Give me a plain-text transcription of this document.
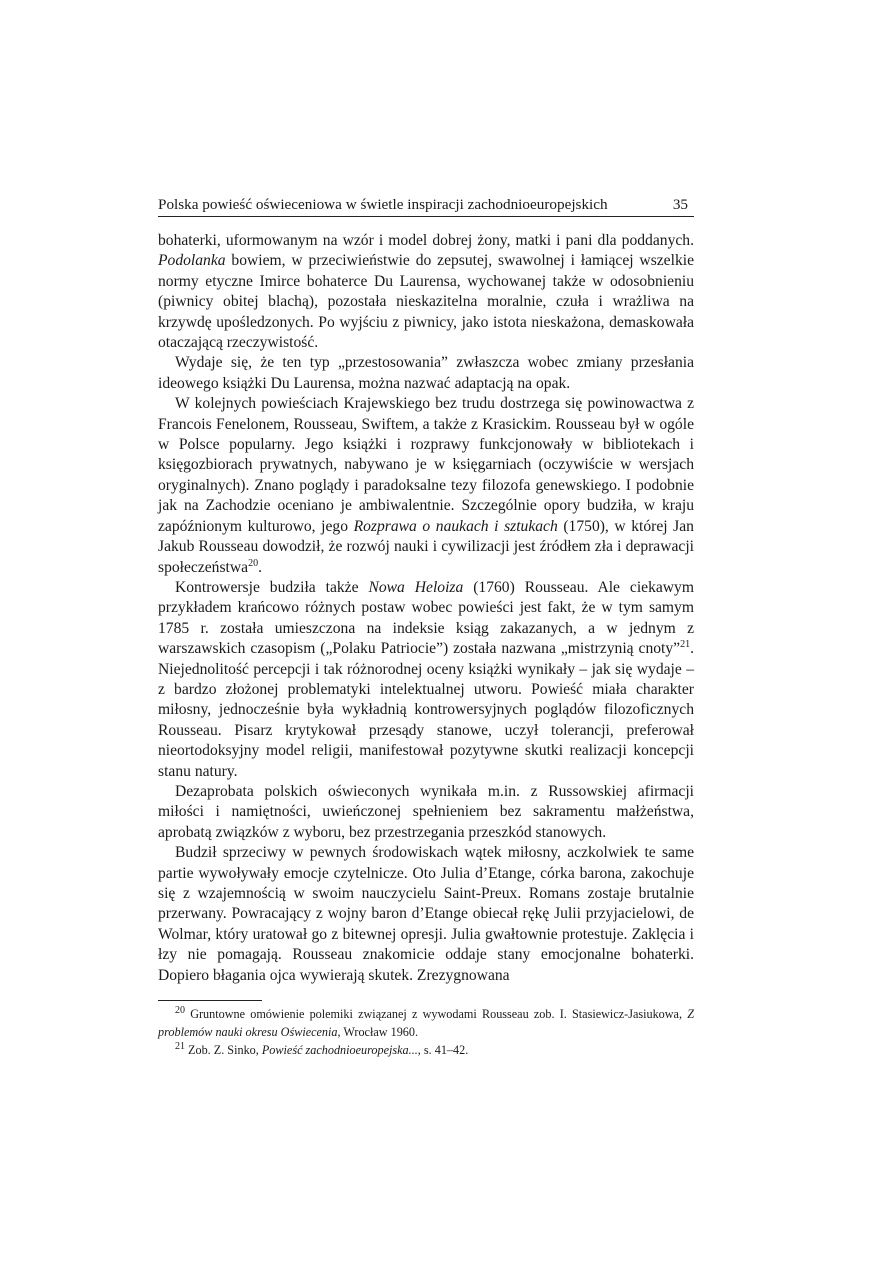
Polska powieść oświeceniowa w świetle inspiracji zachodnioeuropejskich	35

bohaterki, uformowanym na wzór i model dobrej żony, matki i pani dla poddanych. Podolanka bowiem, w przeciwieństwie do zepsutej, swawolnej i łamiącej wszelkie normy etyczne Imirce bohaterce Du Laurensa, wychowanej także w odosobnieniu (piwnicy obitej blachą), pozostała nieskazitelna moralnie, czuła i wrażliwa na krzywdę upośledzonych. Po wyjściu z piwnicy, jako istota nieskażona, demaskowała otaczającą rzeczywistość.

Wydaje się, że ten typ „przestosowania” zwłaszcza wobec zmiany przesłania ideowego książki Du Laurensa, można nazwać adaptacją na opak.

W kolejnych powieściach Krajewskiego bez trudu dostrzega się powinowactwa z Francois Fenelonem, Rousseau, Swiftem, a także z Krasickim. Rousseau był w ogóle w Polsce popularny. Jego książki i rozprawy funkcjonowały w bibliotekach i księgozbiorach prywatnych, nabywano je w księgarniach (oczywiście w wersjach oryginalnych). Znano poglądy i paradoksalne tezy filozofa genewskiego. I podobnie jak na Zachodzie oceniano je ambiwalentnie. Szczególnie opory budziła, w kraju zapóźnionym kulturowo, jego Rozprawa o naukach i sztukach (1750), w której Jan Jakub Rousseau dowodził, że rozwój nauki i cywilizacji jest źródłem zła i deprawacji społeczeństwa$^{20}$.

Kontrowersje budziła także Nowa Heloiza (1760) Rousseau. Ale ciekawym przykładem krańcowo różnych postaw wobec powieści jest fakt, że w tym samym 1785 r. została umieszczona na indeksie ksiąg zakazanych, a w jednym z warszawskich czasopism („Polaku Patriocie”) została nazwana „mistrzynią cnoty”$^{21}$. Niejednolitość percepcji i tak różnorodnej oceny książki wynikały – jak się wydaje – z bardzo złożonej problematyki intelektualnej utworu. Powieść miała charakter miłosny, jednocześnie była wykładnią kontrowersyjnych poglądów filozoficznych Rousseau. Pisarz krytykował przesądy stanowe, uczył tolerancji, preferował nieortodoksyjny model religii, manifestował pozytywne skutki realizacji koncepcji stanu natury.

Dezaprobata polskich oświeconych wynikała m.in. z Russowskiej afirmacji miłości i namiętności, uwieńczonej spełnieniem bez sakramentu małżeństwa, aprobatą związków z wyboru, bez przestrzegania przeszkód stanowych.

Budził sprzeciwy w pewnych środowiskach wątek miłosny, aczkolwiek te same partie wywoływały emocje czytelnicze. Oto Julia d’Etange, córka barona, zakochuje się z wzajemnością w swoim nauczycielu Saint-Preux. Romans zostaje brutalnie przerwany. Powracający z wojny baron d’Etange obiecał rękę Julii przyjacielowi, de Wolmar, który uratował go z bitewnej opresji. Julia gwałtownie protestuje. Zaklęcia i łzy nie pomagają. Rousseau znakomicie oddaje stany emocjonalne bohaterki. Dopiero błagania ojca wywierają skutek. Zrezygnowana

$^{20}$ Gruntowne omówienie polemiki związanej z wywodami Rousseau zob. I. Stasiewicz-Jasiukowa, Z problemów nauki okresu Oświecenia, Wrocław 1960.

$^{21}$ Zob. Z. Sinko, Powieść zachodnioeuropejska..., s. 41–42.
